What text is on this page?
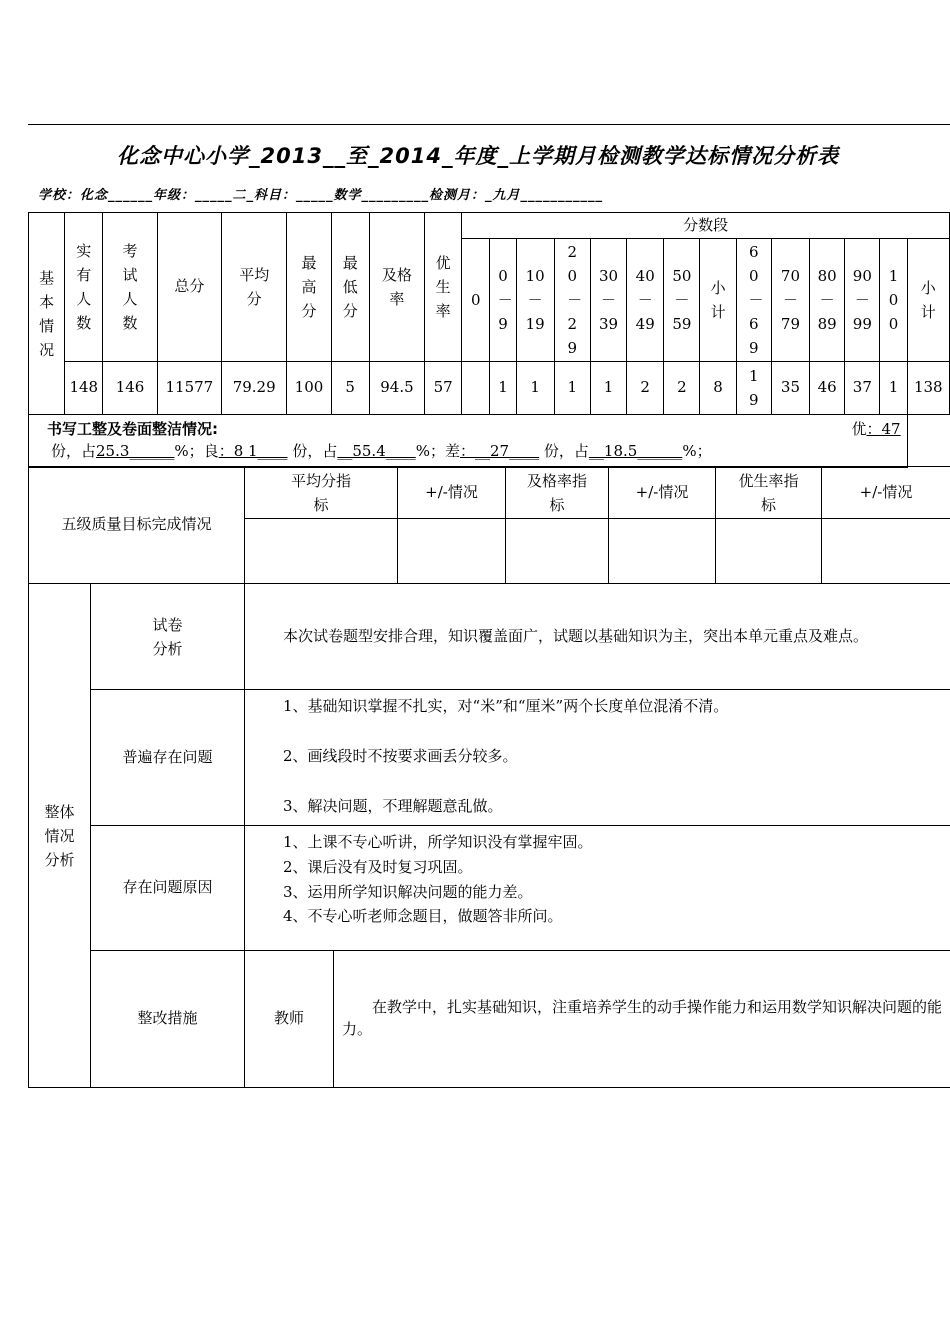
化念中心小学_2013__至_2014_年度_上学期月检测教学达标情况分析表
学校：化念______年级：_____二_科目：_____数学_________检测月：_九月___________
基本情况	实有人数	考试人数	总分	平均分	最高分	最低分	及格率	优生率	分数段													
									0	0－9	10－19	20－29	30－39	40－49	50－59	小计	60－69	70－79	80－89	90－99	100	小计

	148	146	11577	79.29	100	5	94.5	57		1	1	1	1	2	2	8	19	35	46	37	1	138

书写工整及卷面整洁情况: 优：47
份，占25.3______%；良：8 1____ 份，占__55.4____%；差：__27____ 份，占__18.5______%；																						
五级质量目标完成情况	平均分指标	+/-情况	及格率指标	+/-情况	优生率指标	+/-情况

整体情况分析	试卷分析	本次试卷题型安排合理，知识覆盖面广，试题以基础知识为主，突出本单元重点及难点。	

	普遍存在问题	1、基础知识掌握不扎实，对“米”和“厘米”两个长度单位混淆不清。

2、画线段时不按要求画丢分较多。

3、解决问题，不理解题意乱做。	

	存在问题原因	1、上课不专心听讲，所学知识没有掌握牢固。

2、课后没有及时复习巩固。

3、运用所学知识解决问题的能力差。

4、不专心听老师念题目，做题答非所问。	

	整改措施	教师	在教学中，扎实基础知识，注重培养学生的动手操作能力和运用数学知识解决问题的能力。
